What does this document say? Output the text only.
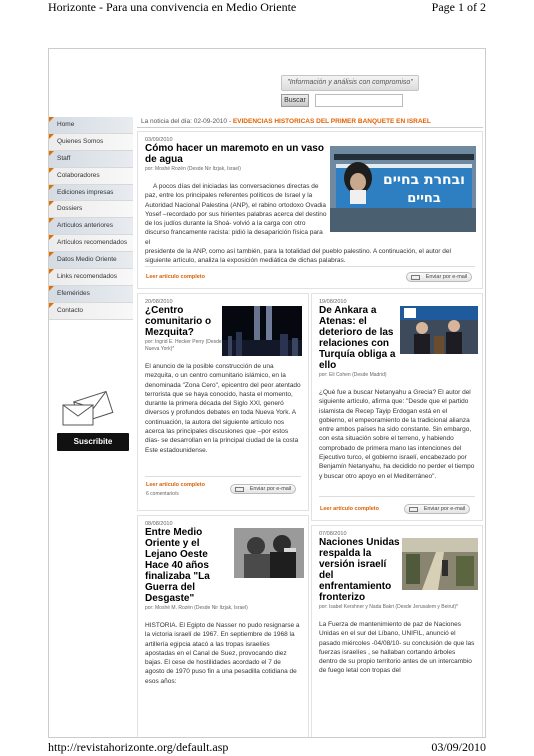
Horizonte - Para una convivencia en Medio Oriente	Page 1 of 2
"Información y análisis con compromiso"
Buscar
Home
Quienes Somos
Staff
Colaboradores
Ediciones impresas
Dossiers
Artículos anteriores
Artículos recomendados
Datos Medio Oriente
Links recomendados
Efemérides
Contacto
Suscribite
La noticia del día: 02-09-2010 - EVIDENCIAS HISTORICAS DEL PRIMER BANQUETE EN ISRAEL
ובחרת בחיים
בחיים
03/09/2010
Cómo hacer un maremoto en un vaso de agua
por: Moshé Rozén (Desde Nir Itzjak, Israel)
A pocos días del iniciadas las conversaciones directas de paz, entre los principales referentes políticos de Israel y la Autoridad Nacional Palestina (ANP), el rabino ortodoxo Ovadia Yosef –recordado por sus hirientes palabras acerca del destino de los judíos durante la Shoá- volvió a la carga con otro discurso francamente racista: pidió la desaparición física para el
presidente de la ANP, como así también, para la totalidad del pueblo palestino. A continuación, el autor del siguiente artículo, analiza la exposición mediática de dichas palabras.
Leer artículo completo	Enviar por e-mail
20/08/2010
¿Centro comunitario o Mezquita?
por: Ingrid E. Hecker Perry (Desde Nueva York)*
El anuncio de la posible construcción de una mezquita, o un centro comunitario islámico, en la denominada "Zona Cero", epicentro del peor atentado terrorista que se haya conocido, hasta el momento, durante la primera década del Siglo XXI, generó diversos y profundos debates en toda Nueva York. A continuación, la autora del siguiente artículo nos acerca las principales discusiones que –por estos días- se desarrollan en la principal ciudad de la costa Este estadounidense.
Leer artículo completo
6 comentario/s
Enviar por e-mail
19/08/2010
De Ankara a Atenas: el deterioro de las relaciones con Turquía obliga a ello
por: Eli Cohen (Desde Madrid)
¿Qué fue a buscar Netanyahu a Grecia? El autor del siguiente artículo, afirma que: "Desde que el partido islamista de Recep Tayip Erdogan está en el gobierno, el empeoramiento de la tradicional alianza entre ambos países ha sido constante. Sin embargo, con esta situación sobre el terreno, y habiendo comprobado de primera mano las intenciones del Ejecutivo turco, el gobierno israelí, encabezado por Benjamín Netanyahu, ha decidido no perder el tiempo y buscar otro apoyo en el Mediterráneo".
Leer artículo completo	Enviar por e-mail
08/08/2010
Entre Medio Oriente y el Lejano Oeste Hace 40 años finalizaba "La Guerra del Desgaste"
por: Moshé M. Rozén (Desde Nir Itzjak, Israel)
HISTORIA. El Egipto de Nasser no pudo resignarse a la victoria israelí de 1967. En septiembre de 1968 la artillería egipcia atacó a las tropas israelíes apostadas en el Canal de Suez, provocando diez bajas. El cese de hostilidades acordado el 7 de agosto de 1970 puso fin a una pesadilla cotidiana de esos años:
07/08/2010
Naciones Unidas respalda la versión israelí del enfrentamiento fronterizo
por: Isabel Kershner y Nada Bakri (Desde Jerusalem y Beirut)*
La Fuerza de mantenimiento de paz de Naciones Unidas en el sur del Líbano, UNIFIL, anunció el pasado miércoles -04/08/10- su conclusión de que las fuerzas israelíes , se hallaban cortando árboles dentro de su propio territorio antes de un intercambio de fuego letal con tropas del
http://revistahorizonte.org/default.asp	03/09/2010
